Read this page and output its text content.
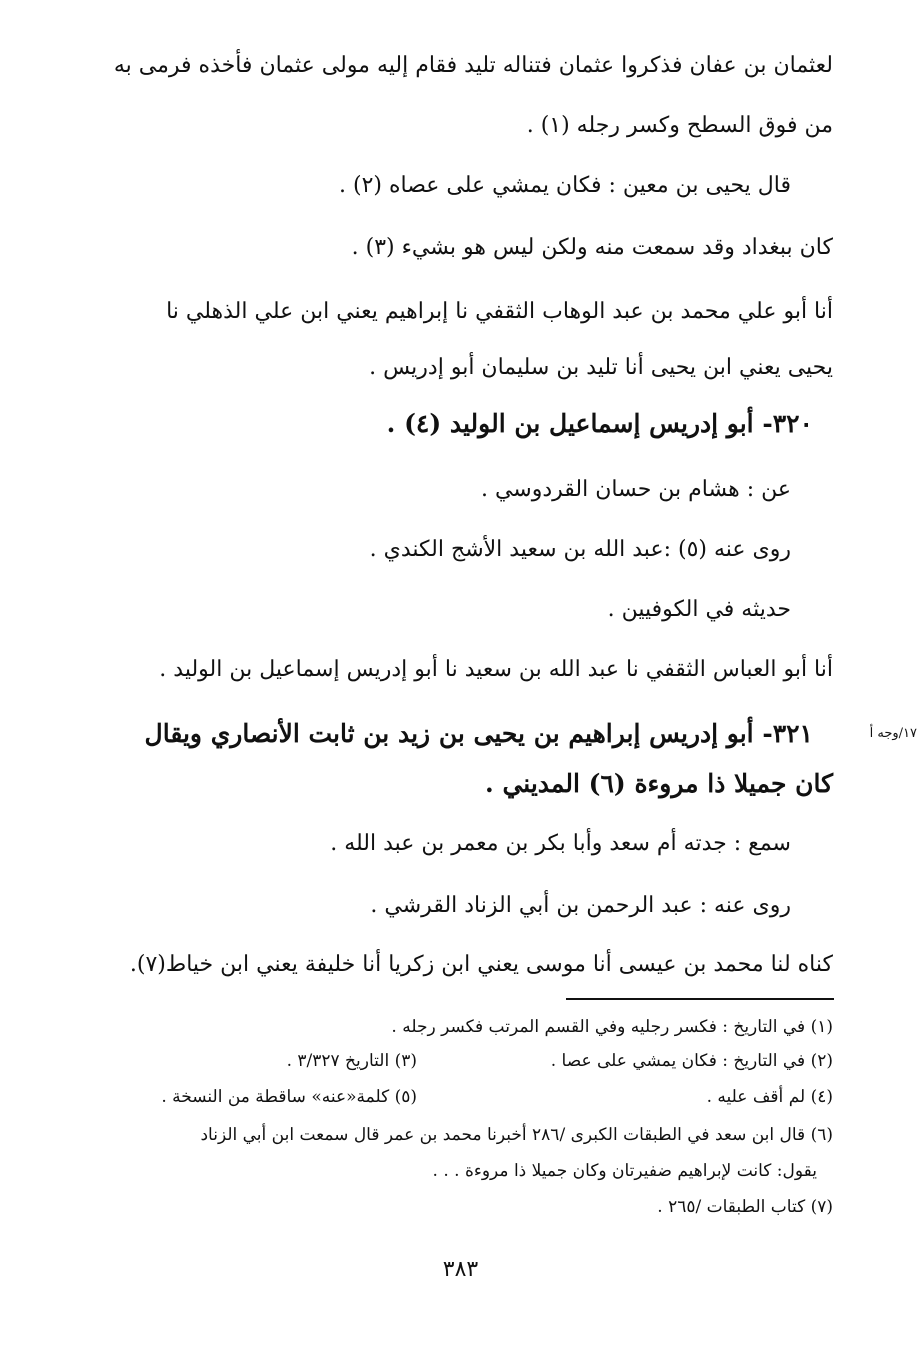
لعثمان بن عفان فذكروا عثمان فتناله تليد فقام إليه مولى عثمان فأخذه فرمى به
من فوق السطح وكسر رجله (١) .
قال يحيى بن معين : فكان يمشي على عصاه (٢) .
كان ببغداد وقد سمعت منه ولكن ليس هو بشيء (٣) .
أنا أبو علي محمد بن عبد الوهاب الثقفي نا إبراهيم يعني ابن علي الذهلي نا
يحيى يعني ابن يحيى أنا تليد بن سليمان أبو إدريس .
٣٢٠- أبو إدريس إسماعيل بن الوليد (٤) .
عن : هشام بن حسان القردوسي .
روى عنه (٥) :عبد الله بن سعيد الأشج الكندي .
حديثه في الكوفيين .
أنا أبو العباس الثقفي نا عبد الله بن سعيد نا أبو إدريس إسماعيل بن الوليد .
١٧/وجه أ
٣٢١- أبو إدريس إبراهيم بن يحيى بن زيد بن ثابت الأنصاري ويقال
كان جميلا ذا مروءة (٦) المديني .
سمع : جدته أم سعد وأبا بكر بن معمر بن عبد الله .
روى عنه : عبد الرحمن بن أبي الزناد القرشي .
كناه لنا محمد بن عيسى أنا موسى يعني ابن زكريا أنا خليفة يعني ابن خياط(٧).
(١) في التاريخ : فكسر رجليه وفي القسم المرتب فكسر رجله .
(٢) في التاريخ : فكان يمشي على عصا .
(٣) التاريخ ٣/٣٢٧ .
(٤) لم أقف عليه .
(٥) كلمة«عنه» ساقطة من النسخة .
(٦) قال ابن سعد في الطبقات الكبرى /٢٨٦ أخبرنا محمد بن عمر قال سمعت ابن أبي الزناد
يقول: كانت لإبراهيم ضفيرتان وكان جميلا ذا مروءة . . .
(٧) كتاب الطبقات /٢٦٥ .
٣٨٣
